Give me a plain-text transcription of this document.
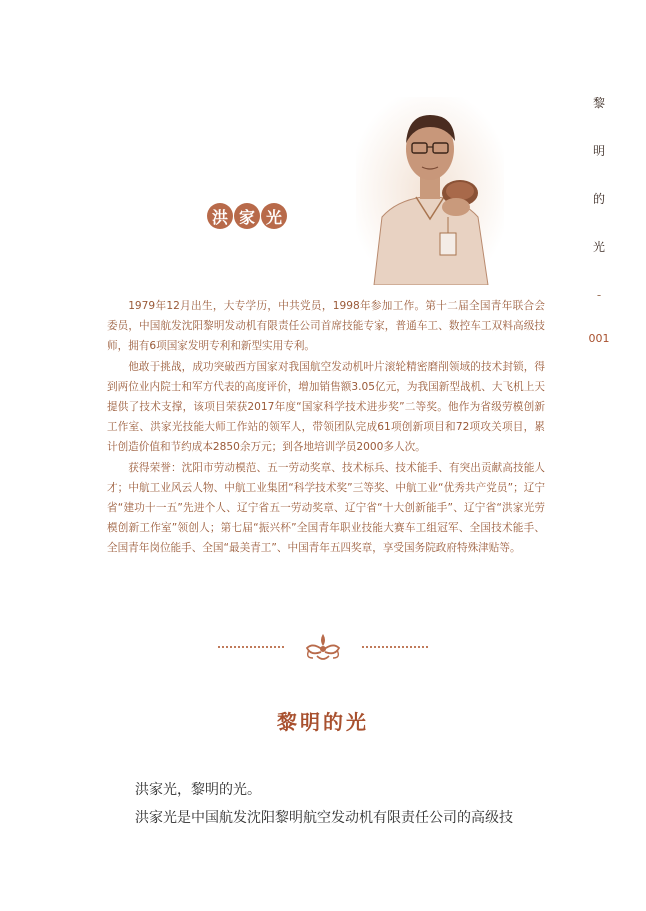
黎
明
的
光
-
001
洪 家 光

1979年12月出生，大专学历，中共党员，1998年参加工作。第十二届全国青年联合会委员，中国航发沈阳黎明发动机有限责任公司首席技能专家，普通车工、数控车工双料高级技师，拥有6项国家发明专利和新型实用专利。

他敢于挑战，成功突破西方国家对我国航空发动机叶片滚轮精密磨削领域的技术封锁，得到两位业内院士和军方代表的高度评价，增加销售额3.05亿元，为我国新型战机、大飞机上天提供了技术支撑，该项目荣获2017年度“国家科学技术进步奖”二等奖。他作为省级劳模创新工作室、洪家光技能大师工作站的领军人，带领团队完成61项创新项目和72项攻关项目，累计创造价值和节约成本2850余万元；到各地培训学员2000多人次。

获得荣誉：沈阳市劳动模范、五一劳动奖章、技术标兵、技术能手、有突出贡献高技能人才；中航工业风云人物、中航工业集团“科学技术奖”三等奖、中航工业“优秀共产党员”；辽宁省“建功十一五”先进个人、辽宁省五一劳动奖章、辽宁省“十大创新能手”、辽宁省“洪家光劳模创新工作室”领创人；第七届“振兴杯”全国青年职业技能大赛车工组冠军、全国技术能手、全国青年岗位能手、全国“最美青工”、中国青年五四奖章，享受国务院政府特殊津贴等。

黎明的光

洪家光，黎明的光。

洪家光是中国航发沈阳黎明航空发动机有限责任公司的高级技
